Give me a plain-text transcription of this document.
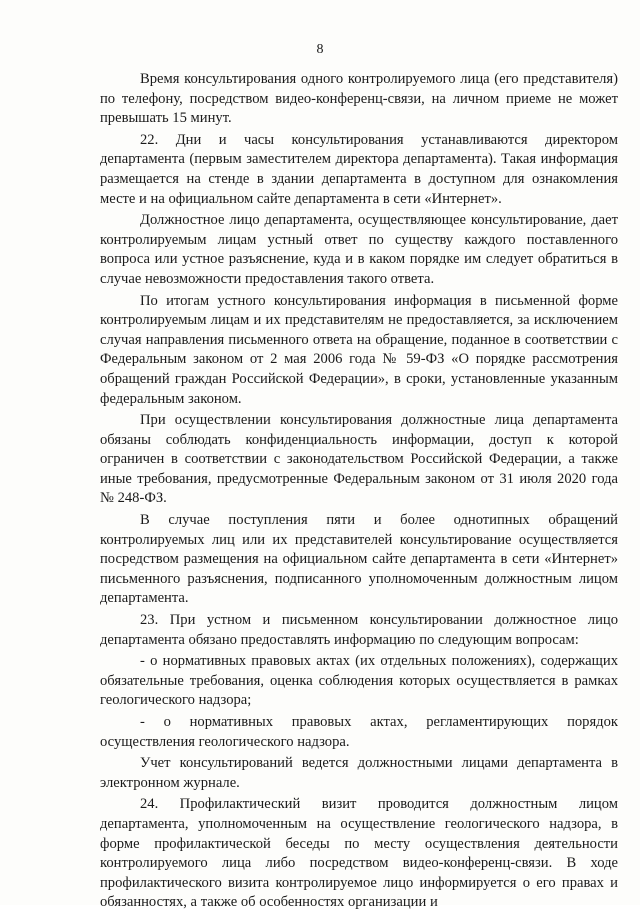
8

Время консультирования одного контролируемого лица (его представителя) по телефону, посредством видео-конференц-связи, на личном приеме не может превышать 15 минут.

22. Дни и часы консультирования устанавливаются директором департамента (первым заместителем директора департамента). Такая информация размещается на стенде в здании департамента в доступном для ознакомления месте и на официальном сайте департамента в сети «Интернет».

Должностное лицо департамента, осуществляющее консультирование, дает контролируемым лицам устный ответ по существу каждого поставленного вопроса или устное разъяснение, куда и в каком порядке им следует обратиться в случае невозможности предоставления такого ответа.

По итогам устного консультирования информация в письменной форме контролируемым лицам и их представителям не предоставляется, за исключением случая направления письменного ответа на обращение, поданное в соответствии с Федеральным законом от 2 мая 2006 года № 59-ФЗ «О порядке рассмотрения обращений граждан Российской Федерации», в сроки, установленные указанным федеральным законом.

При осуществлении консультирования должностные лица департамента обязаны соблюдать конфиденциальность информации, доступ к которой ограничен в соответствии с законодательством Российской Федерации, а также иные требования, предусмотренные Федеральным законом от 31 июля 2020 года № 248-ФЗ.

В случае поступления пяти и более однотипных обращений контролируемых лиц или их представителей консультирование осуществляется посредством размещения на официальном сайте департамента в сети «Интернет» письменного разъяснения, подписанного уполномоченным должностным лицом департамента.

23. При устном и письменном консультировании должностное лицо департамента обязано предоставлять информацию по следующим вопросам:

- о нормативных правовых актах (их отдельных положениях), содержащих обязательные требования, оценка соблюдения которых осуществляется в рамках геологического надзора;

- о нормативных правовых актах, регламентирующих порядок осуществления геологического надзора.

Учет консультирований ведется должностными лицами департамента в электронном журнале.

24. Профилактический визит проводится должностным лицом департамента, уполномоченным на осуществление геологического надзора, в форме профилактической беседы по месту осуществления деятельности контролируемого лица либо посредством видео-конференц-связи. В ходе профилактического визита контролируемое лицо информируется о его правах и обязанностях, а также об особенностях организации и
